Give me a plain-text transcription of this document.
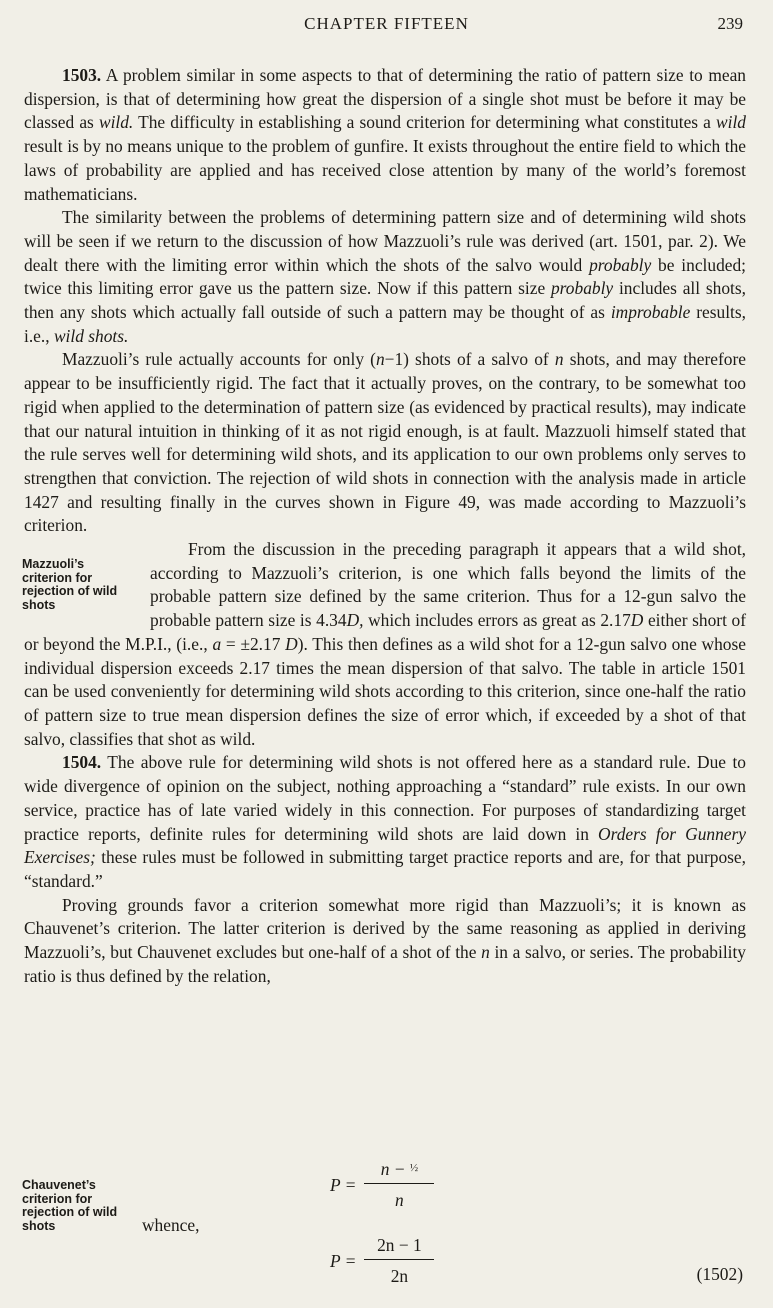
CHAPTER FIFTEEN	239

1503. A problem similar in some aspects to that of determining the ratio of pattern size to mean dispersion, is that of determining how great the dispersion of a single shot must be before it may be classed as wild. The difficulty in establishing a sound criterion for determining what constitutes a wild result is by no means unique to the problem of gunfire. It exists throughout the entire field to which the laws of probability are applied and has received close attention by many of the world’s foremost mathematicians.

The similarity between the problems of determining pattern size and of determining wild shots will be seen if we return to the discussion of how Mazzuoli’s rule was derived (art. 1501, par. 2). We dealt there with the limiting error within which the shots of the salvo would probably be included; twice this limiting error gave us the pattern size. Now if this pattern size probably includes all shots, then any shots which actually fall outside of such a pattern may be thought of as improbable results, i.e., wild shots.

Mazzuoli’s rule actually accounts for only (n−1) shots of a salvo of n shots, and may therefore appear to be insufficiently rigid. The fact that it actually proves, on the contrary, to be somewhat too rigid when applied to the determination of pattern size (as evidenced by practical results), may indicate that our natural intuition in thinking of it as not rigid enough, is at fault. Mazzuoli himself stated that the rule serves well for determining wild shots, and its application to our own problems only serves to strengthen that conviction. The rejection of wild shots in connection with the analysis made in article 1427 and resulting finally in the curves shown in Figure 49, was made according to Mazzuoli’s criterion.

Mazzuoli’s criterion for rejection of wild shots
From the discussion in the preceding paragraph it appears that a wild shot, according to Mazzuoli’s criterion, is one which falls beyond the limits of the probable pattern size defined by the same criterion. Thus for a 12-gun salvo the probable pattern size is 4.34D, which includes errors as great as 2.17D either short of or beyond the M.P.I., (i.e., a = ±2.17 D). This then defines as a wild shot for a 12-gun salvo one whose individual dispersion exceeds 2.17 times the mean dispersion of that salvo. The table in article 1501 can be used conveniently for determining wild shots according to this criterion, since one-half the ratio of pattern size to true mean dispersion defines the size of error which, if exceeded by a shot of that salvo, classifies that shot as wild.

1504. The above rule for determining wild shots is not offered here as a standard rule. Due to wide divergence of opinion on the subject, nothing approaching a “standard” rule exists. In our own service, practice has of late varied widely in this connection. For purposes of standardizing target practice reports, definite rules for determining wild shots are laid down in Orders for Gunnery Exercises; these rules must be followed in submitting target practice reports and are, for that purpose, “standard.”

Proving grounds favor a criterion somewhat more rigid than Mazzuoli’s; it is known as Chauvenet’s criterion. The latter criterion is derived by the same reasoning as applied in deriving Mazzuoli’s, but Chauvenet excludes but one-half of a shot of the n in a salvo, or series. The probability ratio is thus defined by the relation,

Chauvenet’s criterion for rejection of wild shots	whence,
$P = \frac{n - ^{\frac{1}{2}}}{n}$
$P = \frac{2n - 1}{2n}$	(1502)
